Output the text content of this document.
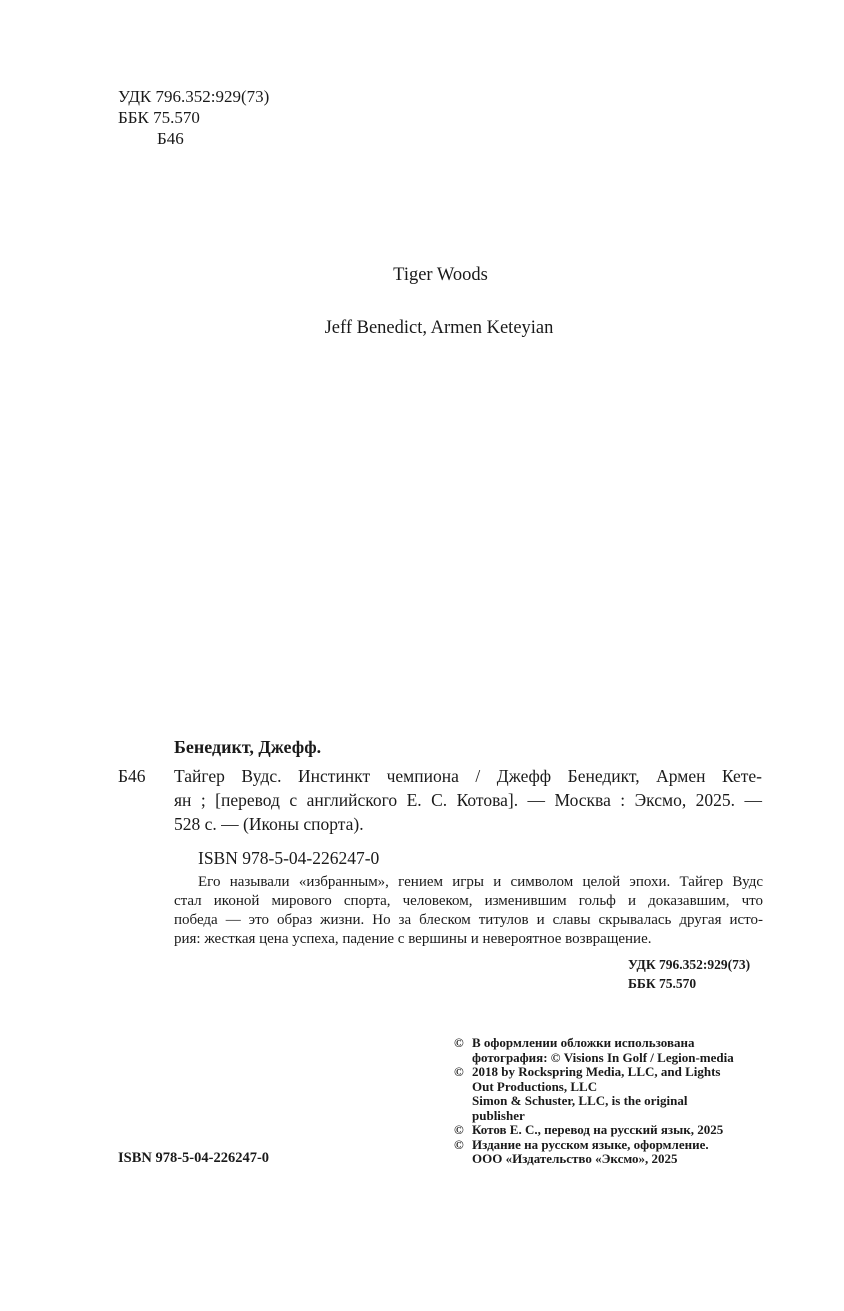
УДК 796.352:929(73)
ББК 75.570
Б46
Tiger Woods
Jeff Benedict, Armen Keteyian
Бенедикт, Джефф.
Б46 Тайгер Вудс. Инстинкт чемпиона / Джефф Бенедикт, Армен Кете-
ян ; [перевод с английского Е. С. Котова]. — Москва : Эксмо, 2025. —
528 с. — (Иконы спорта).
ISBN 978-5-04-226247-0
Его называли «избранным», гением игры и символом целой эпохи. Тайгер Вудс
стал иконой мирового спорта, человеком, изменившим гольф и доказавшим, что
победа — это образ жизни. Но за блеском титулов и славы скрывалась другая исто-
рия: жесткая цена успеха, падение с вершины и невероятное возвращение.
УДК 796.352:929(73)
ББК 75.570
© В оформлении обложки использована
фотография: © Visions In Golf / Legion-media
© 2018 by Rockspring Media, LLC, and Lights
Out Productions, LLC
Simon & Schuster, LLC, is the original
publisher
© Котов Е. С., перевод на русский язык, 2025
© Издание на русском языке, оформление.
ООО «Издательство «Эксмо», 2025
ISBN 978-5-04-226247-0
